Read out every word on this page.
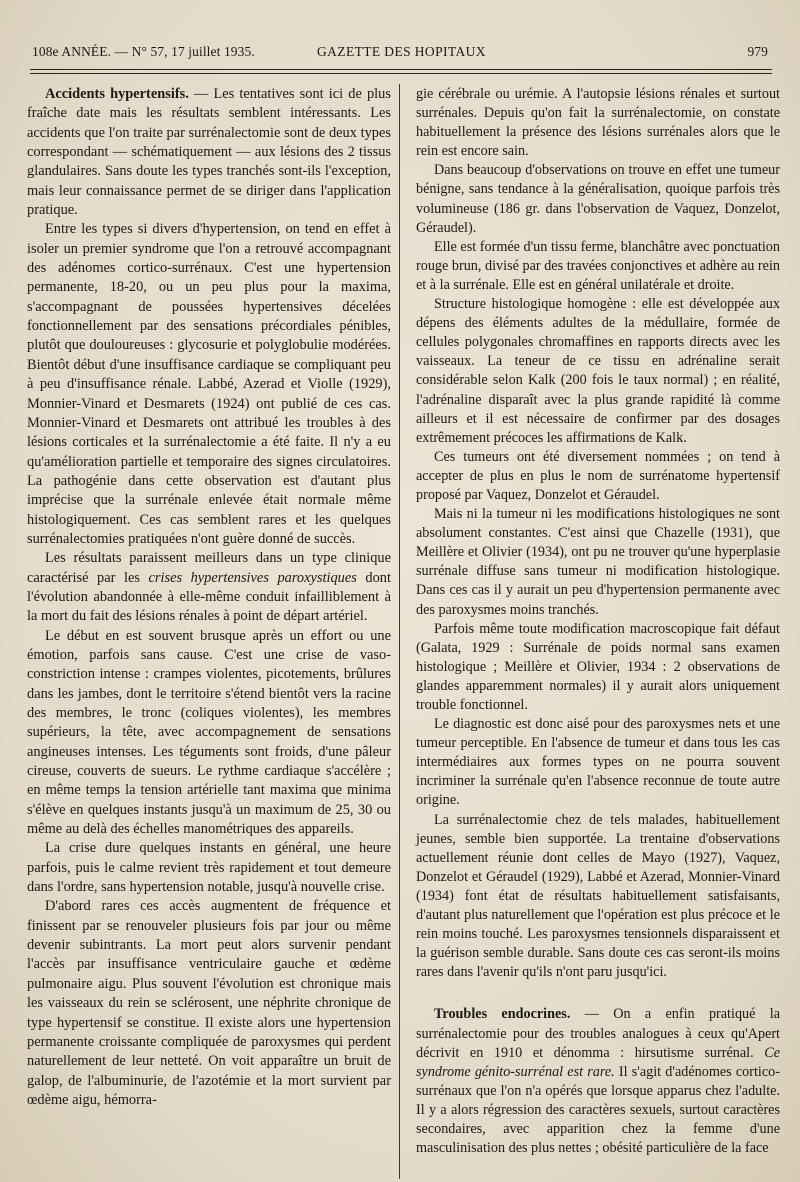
108e ANNÉE. — N° 57, 17 juillet 1935.	GAZETTE DES HOPITAUX	979

Accidents hypertensifs. — Les tentatives sont ici de plus fraîche date mais les résultats semblent intéressants. Les accidents que l'on traite par surrénalectomie sont de deux types correspondant — schématiquement — aux lésions des 2 tissus glandulaires. Sans doute les types tranchés sont-ils l'exception, mais leur connaissance permet de se diriger dans l'application pratique.

Entre les types si divers d'hypertension, on tend en effet à isoler un premier syndrome que l'on a retrouvé accompagnant des adénomes cortico-surrénaux. C'est une hypertension permanente, 18-20, ou un peu plus pour la maxima, s'accompagnant de poussées hypertensives décelées fonctionnellement par des sensations précordiales pénibles, plutôt que douloureuses : glycosurie et polyglobulie modérées. Bientôt début d'une insuffisance cardiaque se compliquant peu à peu d'insuffisance rénale. Labbé, Azerad et Violle (1929), Monnier-Vinard et Desmarets (1924) ont publié de ces cas. Monnier-Vinard et Desmarets ont attribué les troubles à des lésions corticales et la surrénalectomie a été faite. Il n'y a eu qu'amélioration partielle et temporaire des signes circulatoires. La pathogénie dans cette observation est d'autant plus imprécise que la surrénale enlevée était normale même histologiquement. Ces cas semblent rares et les quelques surrénalectomies pratiquées n'ont guère donné de succès.

Les résultats paraissent meilleurs dans un type clinique caractérisé par les crises hypertensives paroxystiques dont l'évolution abandonnée à elle-même conduit infailliblement à la mort du fait des lésions rénales à point de départ artériel.

Le début en est souvent brusque après un effort ou une émotion, parfois sans cause. C'est une crise de vaso-constriction intense : crampes violentes, picotements, brûlures dans les jambes, dont le territoire s'étend bientôt vers la racine des membres, le tronc (coliques violentes), les membres supérieurs, la tête, avec accompagnement de sensations angineuses intenses. Les téguments sont froids, d'une pâleur cireuse, couverts de sueurs. Le rythme cardiaque s'accélère ; en même temps la tension artérielle tant maxima que minima s'élève en quelques instants jusqu'à un maximum de 25, 30 ou même au delà des échelles manométriques des appareils.

La crise dure quelques instants en général, une heure parfois, puis le calme revient très rapidement et tout demeure dans l'ordre, sans hypertension notable, jusqu'à nouvelle crise.

D'abord rares ces accès augmentent de fréquence et finissent par se renouveler plusieurs fois par jour ou même devenir subintrants. La mort peut alors survenir pendant l'accès par insuffisance ventriculaire gauche et œdème pulmonaire aigu. Plus souvent l'évolution est chronique mais les vaisseaux du rein se sclérosent, une néphrite chronique de type hypertensif se constitue. Il existe alors une hypertension permanente croissante compliquée de paroxysmes qui perdent naturellement de leur netteté. On voit apparaître un bruit de galop, de l'albuminurie, de l'azotémie et la mort survient par œdème aigu, hémorra-

gie cérébrale ou urémie. A l'autopsie lésions rénales et surtout surrénales. Depuis qu'on fait la surrénalectomie, on constate habituellement la présence des lésions surrénales alors que le rein est encore sain.

Dans beaucoup d'observations on trouve en effet une tumeur bénigne, sans tendance à la généralisation, quoique parfois très volumineuse (186 gr. dans l'observation de Vaquez, Donzelot, Géraudel).

Elle est formée d'un tissu ferme, blanchâtre avec ponctuation rouge brun, divisé par des travées conjonctives et adhère au rein et à la surrénale. Elle est en général unilatérale et droite.

Structure histologique homogène : elle est développée aux dépens des éléments adultes de la médullaire, formée de cellules polygonales chromaffines en rapports directs avec les vaisseaux. La teneur de ce tissu en adrénaline serait considérable selon Kalk (200 fois le taux normal) ; en réalité, l'adrénaline disparaît avec la plus grande rapidité là comme ailleurs et il est nécessaire de confirmer par des dosages extrêmement précoces les affirmations de Kalk.

Ces tumeurs ont été diversement nommées ; on tend à accepter de plus en plus le nom de surrénatome hypertensif proposé par Vaquez, Donzelot et Géraudel.

Mais ni la tumeur ni les modifications histologiques ne sont absolument constantes. C'est ainsi que Chazelle (1931), que Meillère et Olivier (1934), ont pu ne trouver qu'une hyperplasie surrénale diffuse sans tumeur ni modification histologique. Dans ces cas il y aurait un peu d'hypertension permanente avec des paroxysmes moins tranchés.

Parfois même toute modification macroscopique fait défaut (Galata, 1929 : Surrénale de poids normal sans examen histologique ; Meillère et Olivier, 1934 : 2 observations de glandes apparemment normales) il y aurait alors uniquement trouble fonctionnel.

Le diagnostic est donc aisé pour des paroxysmes nets et une tumeur perceptible. En l'absence de tumeur et dans tous les cas intermédiaires aux formes types on ne pourra souvent incriminer la surrénale qu'en l'absence reconnue de toute autre origine.

La surrénalectomie chez de tels malades, habituellement jeunes, semble bien supportée. La trentaine d'observations actuellement réunie dont celles de Mayo (1927), Vaquez, Donzelot et Géraudel (1929), Labbé et Azerad, Monnier-Vinard (1934) font état de résultats habituellement satisfaisants, d'autant plus naturellement que l'opération est plus précoce et le rein moins touché. Les paroxysmes tensionnels disparaissent et la guérison semble durable. Sans doute ces cas seront-ils moins rares dans l'avenir qu'ils n'ont paru jusqu'ici.

Troubles endocrines. — On a enfin pratiqué la surrénalectomie pour des troubles analogues à ceux qu'Apert décrivit en 1910 et dénomma : hirsutisme surrénal. Ce syndrome génito-surrénal est rare. Il s'agit d'adénomes cortico-surrénaux que l'on n'a opérés que lorsque apparus chez l'adulte. Il y a alors régression des caractères sexuels, surtout caractères secondaires, avec apparition chez la femme d'une masculinisation des plus nettes ; obésité particulière de la face
